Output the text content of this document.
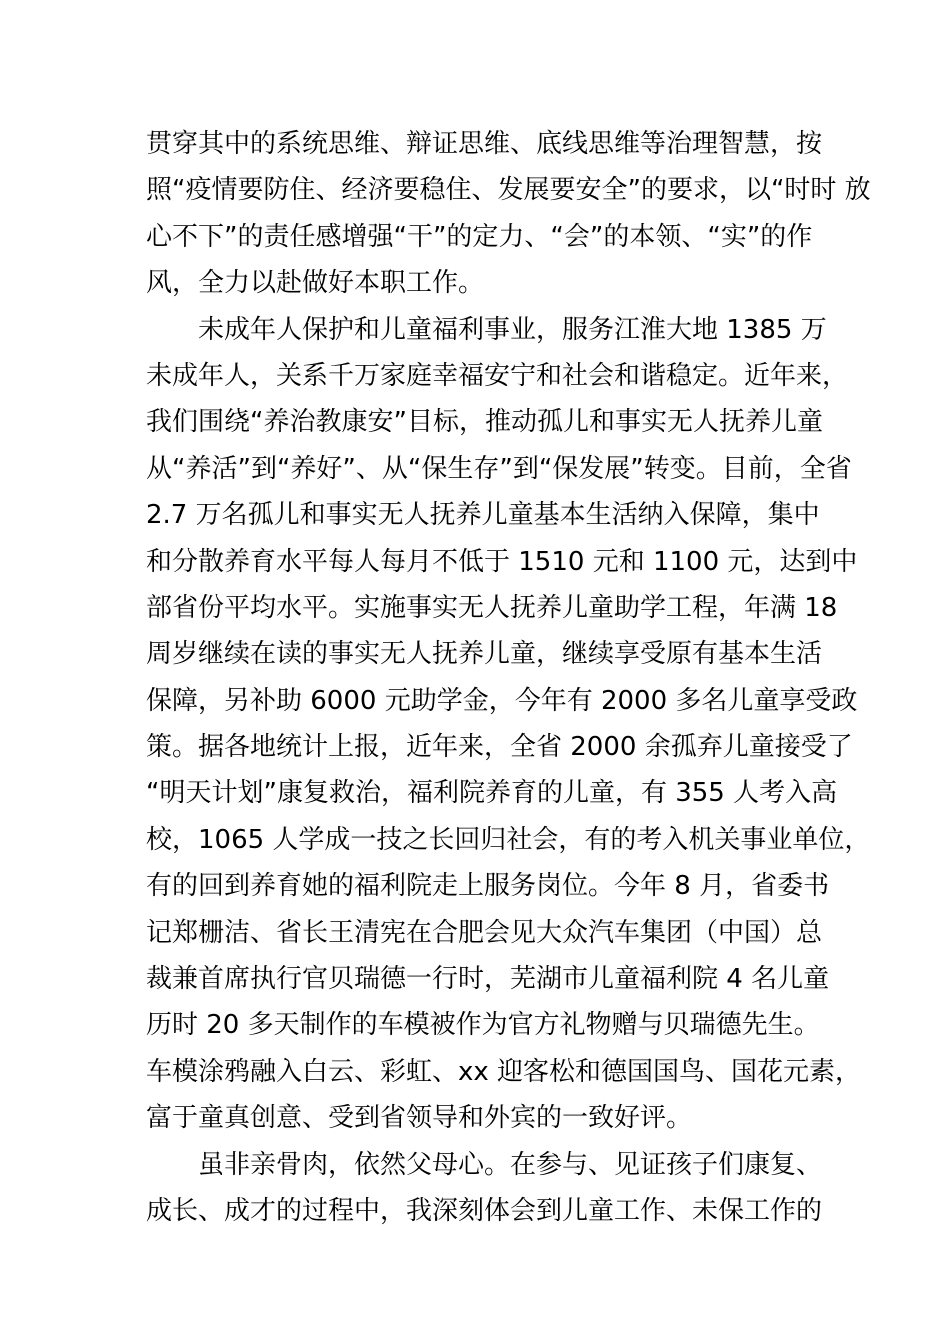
贯穿其中的系统思维、辩证思维、底线思维等治理智慧，按
照“疫情要防住、经济要稳住、发展要安全”的要求，以“时时 放
心不下”的责任感增强“干”的定力、“会”的本领、“实”的作
风，全力以赴做好本职工作。
未成年人保护和儿童福利事业，服务江淮大地 1385 万
未成年人，关系千万家庭幸福安宁和社会和谐稳定。近年来，
我们围绕“养治教康安”目标，推动孤儿和事实无人抚养儿童
从“养活”到“养好”、从“保生存”到“保发展”转变。目前，全省
2.7 万名孤儿和事实无人抚养儿童基本生活纳入保障，集中
和分散养育水平每人每月不低于 1510 元和 1100 元，达到中
部省份平均水平。实施事实无人抚养儿童助学工程，年满 18
周岁继续在读的事实无人抚养儿童，继续享受原有基本生活
保障，另补助 6000 元助学金，今年有 2000 多名儿童享受政
策。据各地统计上报，近年来，全省 2000 余孤弃儿童接受了
“明天计划”康复救治，福利院养育的儿童，有 355 人考入高
校，1065 人学成一技之长回归社会，有的考入机关事业单位，
有的回到养育她的福利院走上服务岗位。今年 8 月，省委书
记郑栅洁、省长王清宪在合肥会见大众汽车集团（中国）总
裁兼首席执行官贝瑞德一行时，芜湖市儿童福利院 4 名儿童
历时 20 多天制作的车模被作为官方礼物赠与贝瑞德先生。
车模涂鸦融入白云、彩虹、xx 迎客松和德国国鸟、国花元素，
富于童真创意、受到省领导和外宾的一致好评。
虽非亲骨肉，依然父母心。在参与、见证孩子们康复、
成长、成才的过程中，我深刻体会到儿童工作、未保工作的
